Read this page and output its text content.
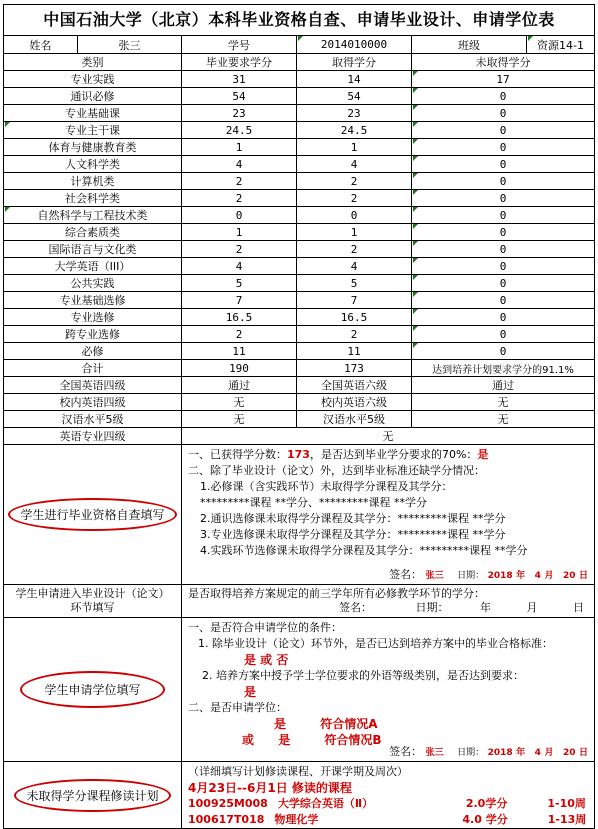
中国石油大学（北京）本科毕业资格自查、申请毕业设计、申请学位表
姓名	张三	学号	2014010000	班级	资源14-1
类别	毕业要求学分	取得学分	未取得学分
专业实践	31	14	17
通识必修	54	54	0
专业基础课	23	23	0
专业主干课	24.5	24.5	0
体育与健康教育类	1	1	0
人文科学类	4	4	0
计算机类	2	2	0
社会科学类	2	2	0
自然科学与工程技术类	0	0	0
综合素质类	1	1	0
国际语言与文化类	2	2	0
大学英语（III）	4	4	0
公共实践	5	5	0
专业基础选修	7	7	0
专业选修	16.5	16.5	0
跨专业选修	2	2	0
必修	11	11	0
合计	190	173	达到培养计划要求学分的91.1%
全国英语四级	通过	全国英语六级	通过
校内英语四级	无	校内英语六级	无
汉语水平5级	无	汉语水平5级	无
英语专业四级	无
学生进行毕业资格自查填写
一、已获得学分数：173，是否达到毕业学分要求的70%：是
二、除了毕业设计（论文）外，达到毕业标准还缺学分情况：
1.必修课（含实践环节）未取得学分课程及其学分：
*********课程 **学分、*********课程 **学分
2.通识选修课未取得学分课程及其学分：*********课程 **学分
3.专业选修课未取得学分课程及其学分：*********课程 **学分
4.实践环节选修课未取得学分课程及其学分：*********课程 **学分
签名： 张三 日期： 2018 年 4 月 20 日
学生申请进入毕业设计（论文）环节填写
是否取得培养方案规定的前三学年所有必修教学环节的学分：
签名：	日期：	年	月	日
学生申请学位填写
一、是否符合申请学位的条件：
1. 除毕业设计（论文）环节外，是否已达到培养方案中的毕业合格标准：
是 或 否
2. 培养方案中授予学士学位要求的外语等级类别，是否达到要求：
是
二、是否申请学位：
是	符合情况A
或 是	符合情况B
签名： 张三 日期： 2018 年 4 月 20 日
未取得学分课程修读计划
（详细填写计划修读课程、开课学期及周次）
4月23日--6月1日 修读的课程
100925M008 大学综合英语（Ⅱ）	2.0学分	1-10周
100617T018 物理化学	4.0 学分	1-13周
